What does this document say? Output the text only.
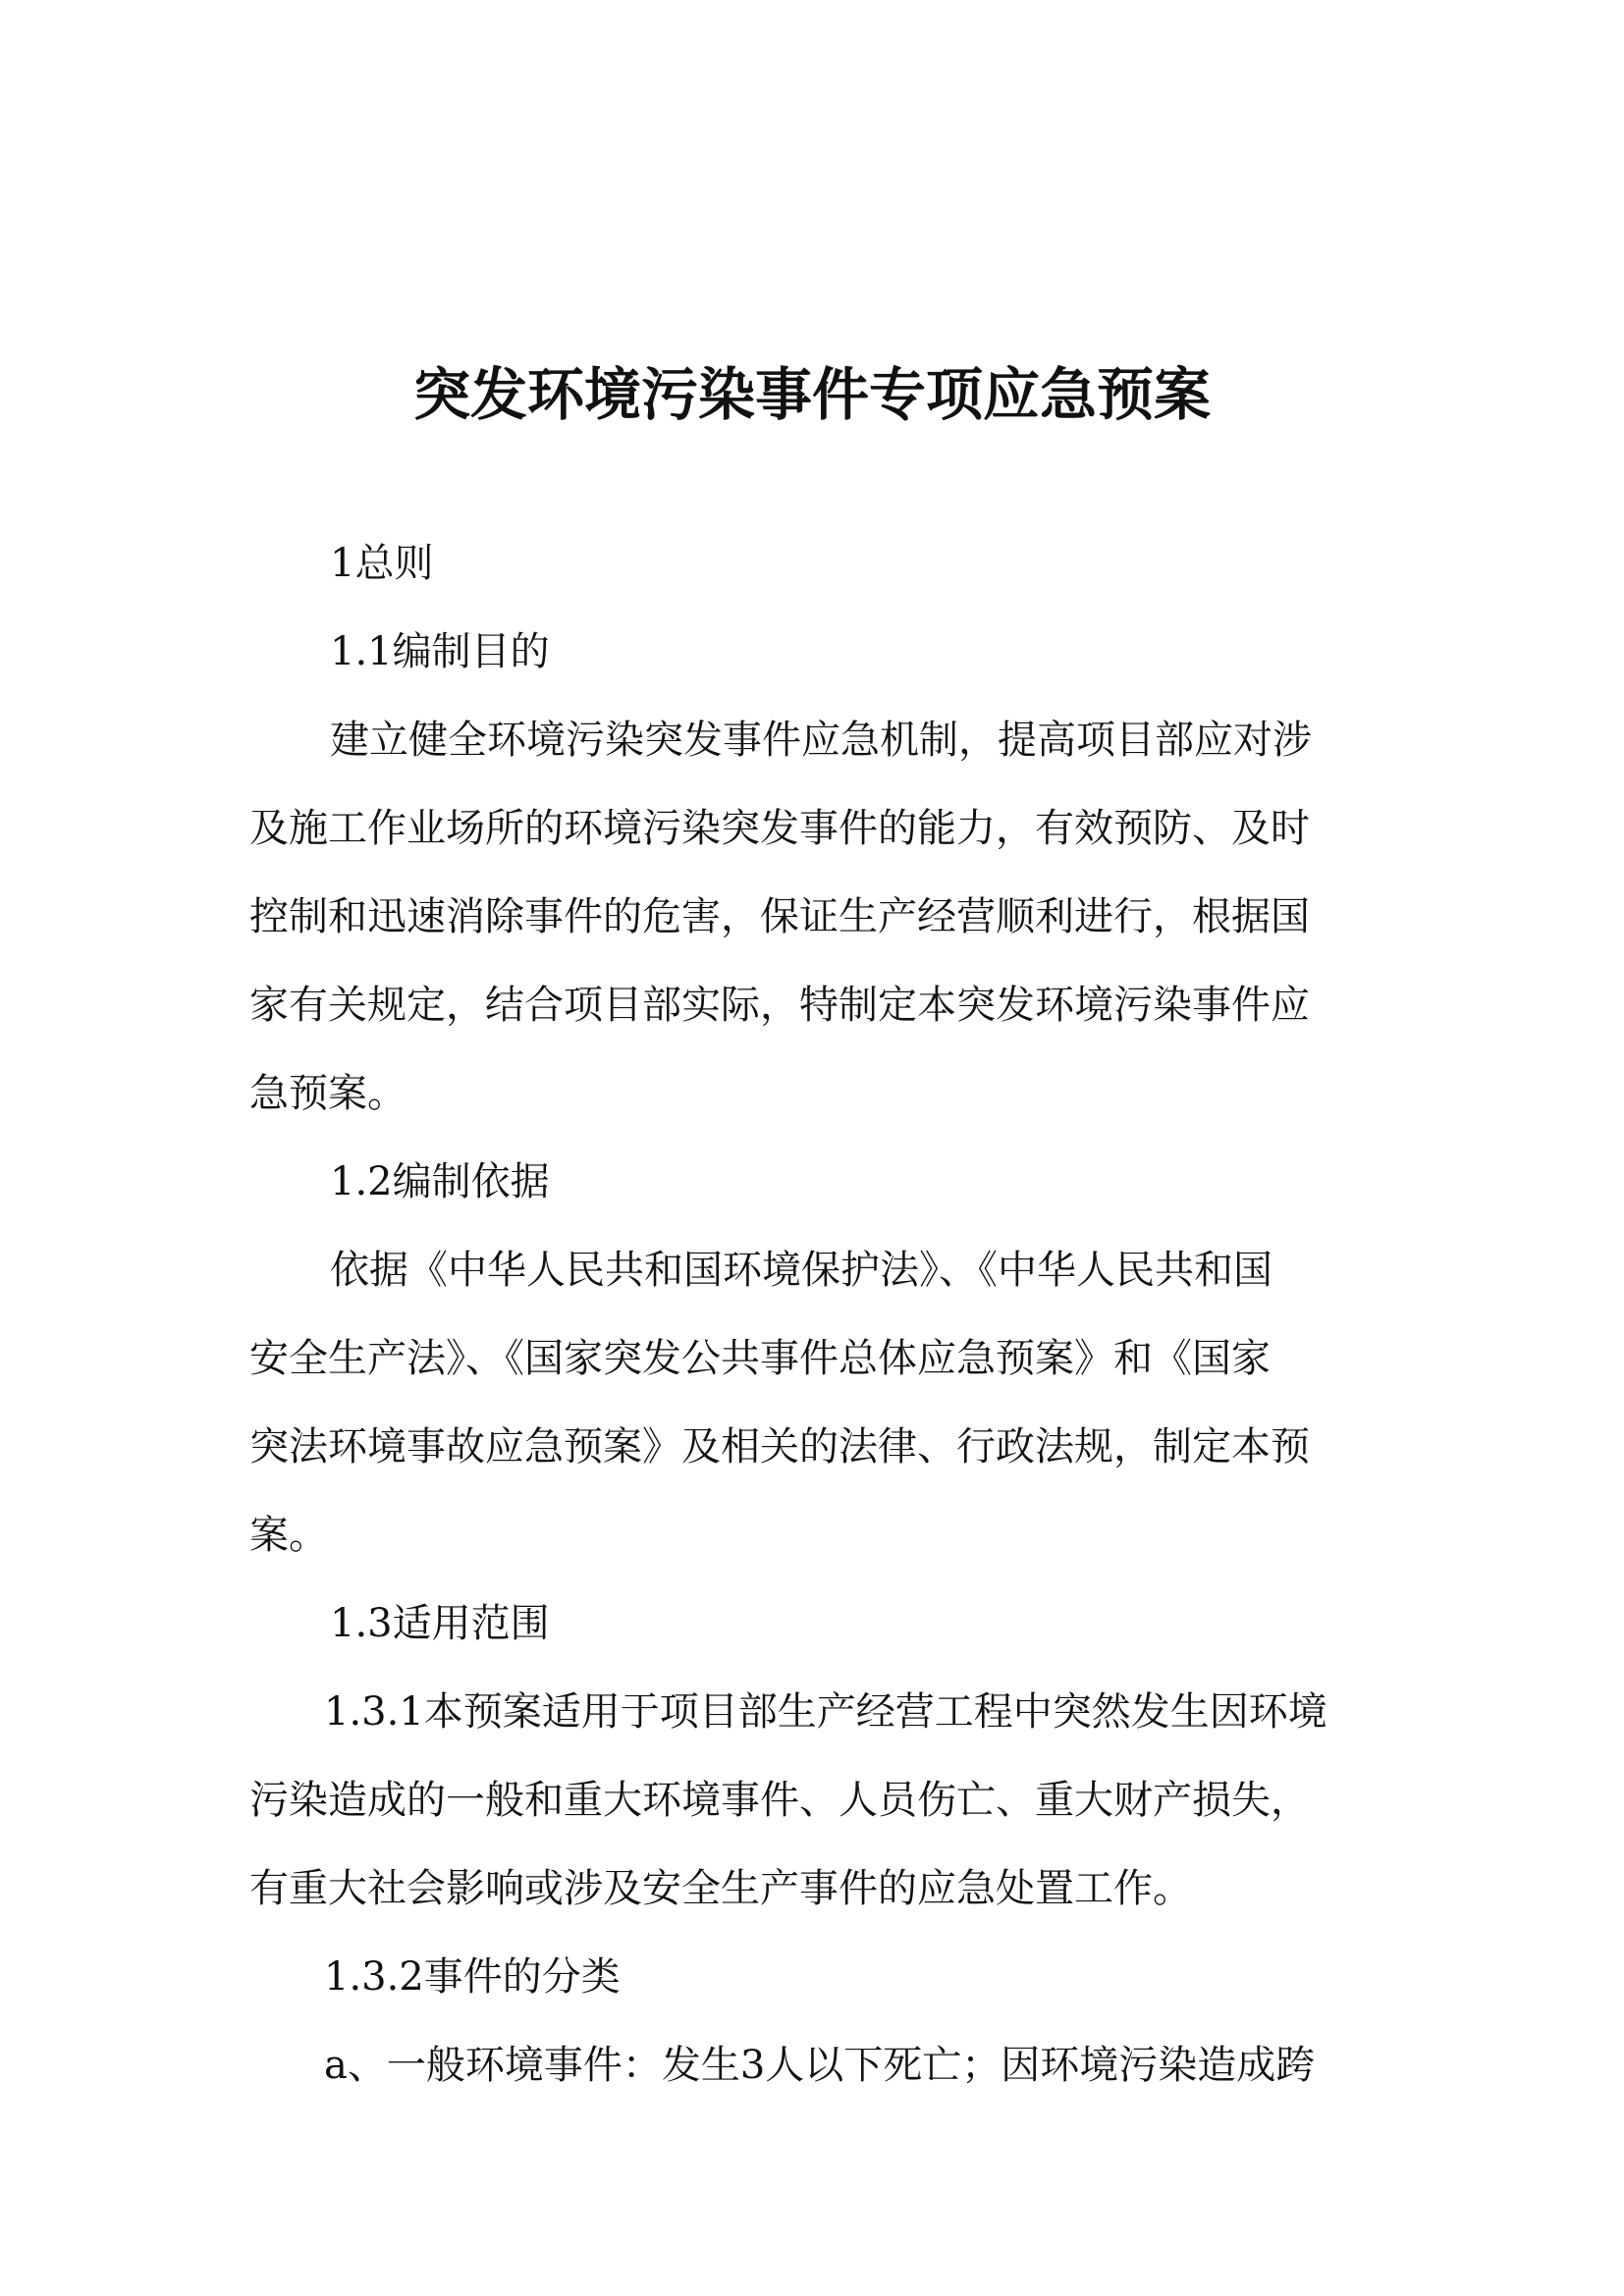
突发环境污染事件专项应急预案

1总则

1.1编制目的

建立健全环境污染突发事件应急机制，提高项目部应对涉

及施工作业场所的环境污染突发事件的能力，有效预防、及时

控制和迅速消除事件的危害，保证生产经营顺利进行，根据国

家有关规定，结合项目部实际，特制定本突发环境污染事件应

急预案。

1.2编制依据

依据《中华人民共和国环境保护法》、《中华人民共和国

安全生产法》、《国家突发公共事件总体应急预案》和《国家

突法环境事故应急预案》及相关的法律、行政法规，制定本预

案。

1.3适用范围

1.3.1本预案适用于项目部生产经营工程中突然发生因环境

污染造成的一般和重大环境事件、人员伤亡、重大财产损失，

有重大社会影响或涉及安全生产事件的应急处置工作。

1.3.2事件的分类

a、一般环境事件：发生3人以下死亡；因环境污染造成跨
